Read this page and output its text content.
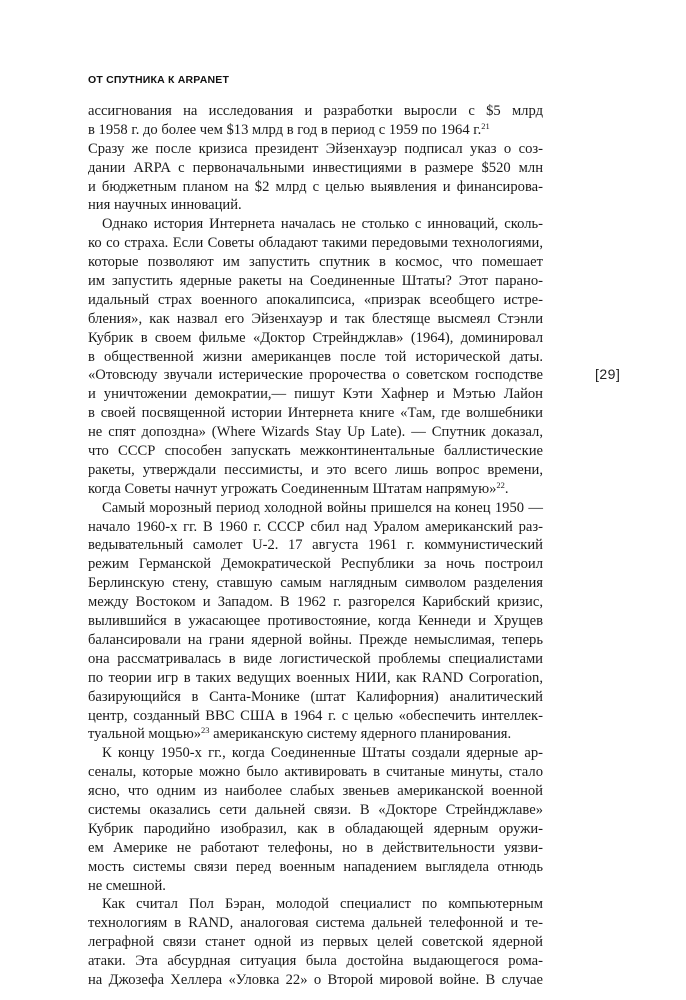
ОТ СПУТНИКА К ARPANET
[29]
ассигнования на исследования и разработки выросли с $5 млрд
в 1958 г. до более чем $13 млрд в год в период с 1959 по 1964 г.$^{21}$
Сразу же после кризиса президент Эйзенхауэр подписал указ о соз-
дании ARPA с первоначальными инвестициями в размере $520 млн
и бюджетным планом на $2 млрд с целью выявления и финансирова-
ния научных инноваций.
Однако история Интернета началась не столько с инноваций, сколь-
ко со страха. Если Советы обладают такими передовыми технологиями,
которые позволяют им запустить спутник в космос, что помешает
им запустить ядерные ракеты на Соединенные Штаты? Этот парано-
идальный страх военного апокалипсиса, «призрак всеобщего истре-
бления», как назвал его Эйзенхауэр и так блестяще высмеял Стэнли
Кубрик в своем фильме «Доктор Стрейнджлав» (1964), доминировал
в общественной жизни американцев после той исторической даты.
«Отовсюду звучали истерические пророчества о советском господстве
и уничтожении демократии,— пишут Кэти Хафнер и Мэтью Лайон
в своей посвященной истории Интернета книге «Там, где волшебники
не спят допоздна» (Where Wizards Stay Up Late). — Спутник доказал,
что СССР способен запускать межконтинентальные баллистические
ракеты, утверждали пессимисты, и это всего лишь вопрос времени,
когда Советы начнут угрожать Соединенным Штатам напрямую»$^{22}$.
Самый морозный период холодной войны пришелся на конец 1950 —
начало 1960-х гг. В 1960 г. СССР сбил над Уралом американский раз-
ведывательный самолет U-2. 17 августа 1961 г. коммунистический
режим Германской Демократической Республики за ночь построил
Берлинскую стену, ставшую самым наглядным символом разделения
между Востоком и Западом. В 1962 г. разгорелся Карибский кризис,
вылившийся в ужасающее противостояние, когда Кеннеди и Хрущев
балансировали на грани ядерной войны. Прежде немыслимая, теперь
она рассматривалась в виде логистической проблемы специалистами
по теории игр в таких ведущих военных НИИ, как RAND Corporation,
базирующийся в Санта-Монике (штат Калифорния) аналитический
центр, созданный ВВС США в 1964 г. с целью «обеспечить интеллек-
туальной мощью»$^{23}$ американскую систему ядерного планирования.
К концу 1950-х гг., когда Соединенные Штаты создали ядерные ар-
сеналы, которые можно было активировать в считаные минуты, стало
ясно, что одним из наиболее слабых звеньев американской военной
системы оказались сети дальней связи. В «Докторе Стрейнджлаве»
Кубрик пародийно изобразил, как в обладающей ядерным оружи-
ем Америке не работают телефоны, но в действительности уязви-
мость системы связи перед военным нападением выглядела отнюдь
не смешной.
Как считал Пол Бэран, молодой специалист по компьютерным
технологиям в RAND, аналоговая система дальней телефонной и те-
леграфной связи станет одной из первых целей советской ядерной
атаки. Эта абсурдная ситуация была достойна выдающегося рома-
на Джозефа Хеллера «Уловка 22» о Второй мировой войне. В случае
